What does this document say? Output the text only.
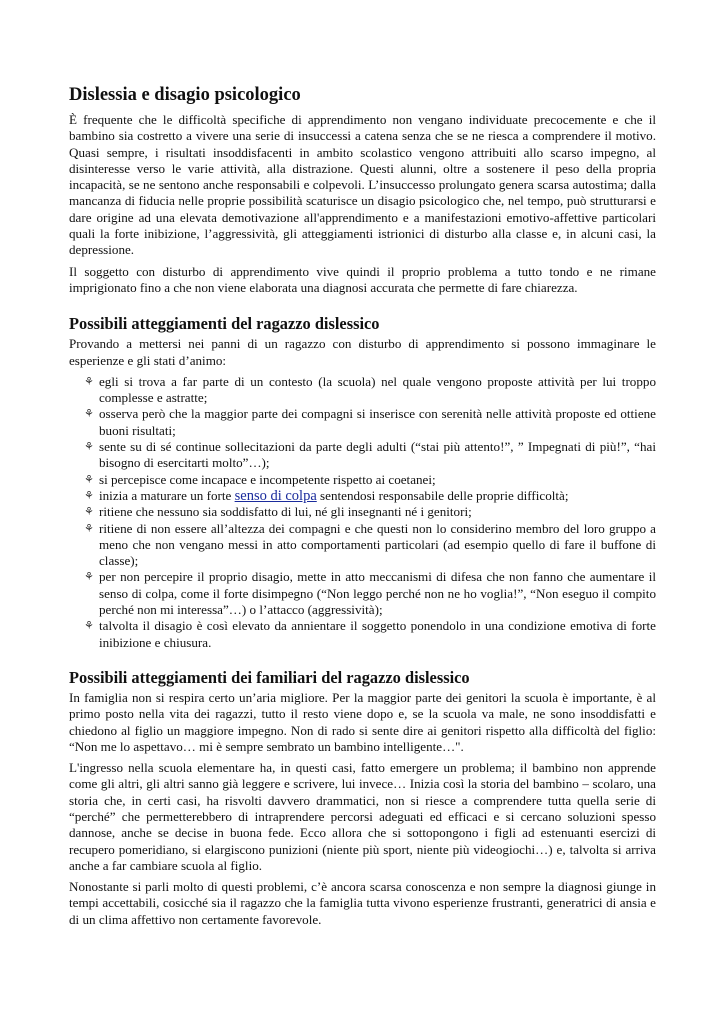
Dislessia e disagio psicologico

È frequente che le difficoltà specifiche di apprendimento non vengano individuate precocemente e che il bambino sia costretto a vivere una serie di insuccessi a catena senza che se ne riesca a comprendere il motivo. Quasi sempre, i risultati insoddisfacenti in ambito scolastico vengono attribuiti allo scarso impegno, al disinteresse verso le varie attività, alla distrazione. Questi alunni, oltre a sostenere il peso della propria incapacità, se ne sentono anche responsabili e colpevoli. L’insuccesso prolungato genera scarsa autostima; dalla mancanza di fiducia nelle proprie possibilità scaturisce un disagio psicologico che, nel tempo, può strutturarsi e dare origine ad una elevata demotivazione all'apprendimento e a manifestazioni emotivo-affettive particolari quali la forte inibizione, l’aggressività, gli atteggiamenti istrionici di disturbo alla classe e, in alcuni casi, la depressione.

Il soggetto con disturbo di apprendimento vive quindi il proprio problema a tutto tondo e ne rimane imprigionato fino a che non viene elaborata una diagnosi accurata che permette di fare chiarezza.

Possibili atteggiamenti del ragazzo dislessico

Provando a mettersi nei panni di un ragazzo con disturbo di apprendimento si possono immaginare le esperienze e gli stati d’animo:

⚘ egli si trova a far parte di un contesto (la scuola) nel quale vengono proposte attività per lui troppo complesse e astratte;
⚘ osserva però che la maggior parte dei compagni si inserisce con serenità nelle attività proposte ed ottiene buoni risultati;
⚘ sente su di sé continue sollecitazioni da parte degli adulti (“stai più attento!”, ” Impegnati di più!”, “hai bisogno di esercitarti molto”…);
⚘ si percepisce come incapace e incompetente rispetto ai coetanei;
⚘ inizia a maturare un forte senso di colpa sentendosi responsabile delle proprie difficoltà;
⚘ ritiene che nessuno sia soddisfatto di lui, né gli insegnanti né i genitori;
⚘ ritiene di non essere all’altezza dei compagni e che questi non lo considerino membro del loro gruppo a meno che non vengano messi in atto comportamenti particolari (ad esempio quello di fare il buffone di classe);
⚘ per non percepire il proprio disagio, mette in atto meccanismi di difesa che non fanno che aumentare il senso di colpa, come il forte disimpegno (“Non leggo perché non ne ho voglia!”, “Non eseguo il compito perché non mi interessa”…) o l’attacco (aggressività);
⚘ talvolta il disagio è così elevato da annientare il soggetto ponendolo in una condizione emotiva di forte inibizione e chiusura.
Possibili atteggiamenti dei familiari del ragazzo dislessico

In famiglia non si respira certo un’aria migliore. Per la maggior parte dei genitori la scuola è importante, è al primo posto nella vita dei ragazzi, tutto il resto viene dopo e, se la scuola va male, ne sono insoddisfatti e chiedono al figlio un maggiore impegno. Non di rado si sente dire ai genitori rispetto alla difficoltà del figlio: “Non me lo aspettavo… mi è sempre sembrato un bambino intelligente…".

L'ingresso nella scuola elementare ha, in questi casi, fatto emergere un problema; il bambino non apprende come gli altri, gli altri sanno già leggere e scrivere, lui invece… Inizia così la storia del bambino – scolaro, una storia che, in certi casi, ha risvolti davvero drammatici, non si riesce a comprendere tutta quella serie di “perché” che permetterebbero di intraprendere percorsi adeguati ed efficaci e si cercano soluzioni spesso dannose, anche se decise in buona fede. Ecco allora che si sottopongono i figli ad estenuanti esercizi di recupero pomeridiano, si elargiscono punizioni (niente più sport, niente più videogiochi…) e, talvolta si arriva anche a far cambiare scuola al figlio.

Nonostante si parli molto di questi problemi, c’è ancora scarsa conoscenza e non sempre la diagnosi giunge in tempi accettabili, cosicché sia il ragazzo che la famiglia tutta vivono esperienze frustranti, generatrici di ansia e di un clima affettivo non certamente favorevole.
